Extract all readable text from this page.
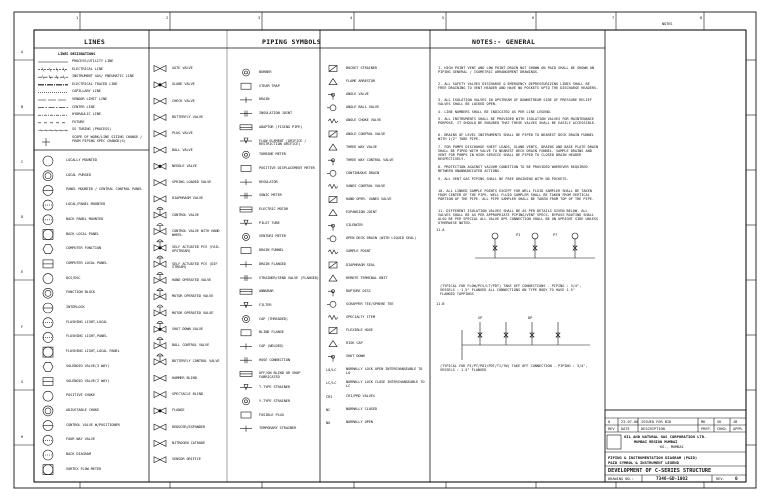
1	2	3	4	5	6	7	8
NOTES
A
B
C
D
E
F
G
H
LINES	PIPING SYMBOLS	NOTES:- GENERAL
LINES DESIGNATIONS
PROCESS/UTILITY LINE
ELECTRICAL LINE
INSTRUMENT GAS/ PNEUMATIC LINE
ELECTRICAL TRACED LINE
CAPILLARY LINE
VENDOR LIMIT LINE
CENTER LINE
HYDRAULIC LINE
FUTURE
SS TUBING (PROCESS)
SCOPE OF WORK/LINE SIZING CHANGE / FROM PIPING SPEC CHANGE(S)
LOCALLY MOUNTED
LOCAL PURGED
PANEL MOUNTED / CENTRAL CONTROL PANEL
LOCAL/PANEL MOUNTED
BACK PANEL MOUNTED
BACK LOCAL PANEL
COMPUTER FUNCTION
COMPUTER LOCAL PANEL
DCS/DSC
FUNCTION BLOCK
INTERLOCK
FLUSHING LIGHT,LOCAL
FLUSHING LIGHT,PANEL
FLUSHING LIGHT,LOCAL PANEL
SOLENOID VALVE(3 WAY)
SOLENOID VALVE(2 WAY)
POSITIVE CHOKE
ADJUSTABLE CHOKE
CONTROL VALVE W/POSITIONER
FOUR WAY VALVE
BACK DIAGRAM
VORTEX FLOW METER
GATE VALVE
GLOBE VALVE
CHECK VALVE
BUTTERFLY VALVE
PLUG VALVE
BALL VALVE
NEEDLE VALVE
SPRING LOADED VALVE
DIAPHRAGM VALVE
CONTROL VALVE
CONTROL VALVE WITH HAND WHEEL
SELF ACTUATED PCV (FAIL UPSTREAM)
SELF ACTUATED PCV (DIF STREAM)
HAND OPERATED VALVE
MOTOR OPERATED VALVE
MOTOR OPERATED VALVE
SHUT DOWN VALVE
BALL CONTROL VALVE
BUTTERFLY CONTROL VALVE
HAMMER BLIND
SPECTACLE BLIND
FLANGE
REDUCER/EXPANDER
NITROGEN CATHODE
SENSOR ORIFICE
BURNER
STEAM TRAP
DRAIN
INSULATION JOINT
ADAPTOR (FIXING PIPE)
FLOW ELEMENT (ORIFICE / RESTRICTION ORIFICE)
TURBINE METER
POSITIVE DISPLACEMENT METER
REGULATOR
SONIC METER
ELECTRIC MOTOR
PILOT TUBE
VENTURI METER
DRAIN FUNNEL
DRAIN FLANGED
STRAINER/SEND VALVE (FLANGED)
ANNUBAR
FILTER
CAP (THREADED)
BLIND FLANGE
CAP (WELDED)
HOSE CONNECTION
OFF/ON BLIND OR SHOP FABRICATED
T-TYPE STRAINER
Y-TYPE STRAINER
FUSIBLE PLUG
TEMPORARY STRAINER
BUCKET STRAINER
FLAME ARRESTOR
ANGLE VALVE
ANGLE BALL VALVE
ANGLE CHOKE VALVE
ANGLE CONTROL VALVE
THREE WAY VALVE
THREE WAY CONTROL VALVE
CONTINUOUS DRAIN
VANES CONTROL VALVE
HAND OPER. VANES VALVE
EXPANSION JOINT
SILENCER
OPEN DECK DRAIN (WITH LIQUID SEAL)
SAMPLE POINT
DIAPHRAGM SEAL
REMOTE TERMINAL UNIT
RUPTURE DISC
SCRAPPER TEE/SPHERE TEE
SPECIALTY ITEM
FLEXIBLE HOSE
RISK CAP
SHUT DOWN
NORMALLY LOCK OPEN INTERCHANGEABLE TO LO
NORMALLY LOCK CLOSE INTERCHANGEABLE TO LC
CRI/PRD VALVES
NORMALLY CLOSED
NORMALLY OPEN
LO/LC
LC/LC
CRI
NC
NO
1. HIGH POINT VENT AND LOW POINT DRAIN NOT SHOWN ON P&ID SHALL BE SHOWN ON PIPING GENERAL / ISOMETRIC ARRANGEMENT DRAWINGS.
2. ALL SAFETY VALVES DISCHARGE & EMERGENCY DEPRESSURIZING LINES SHALL BE FREE DRAINING TO VENT HEADER AND HAVE NO POCKETS UPTO THE DISCHARGE HEADERS.
3. ALL ISOLATION VALVES IN UPSTREAM OF DOWNSTREAM SIDE OF PRESSURE RELIEF VALVES SHALL BE LOCKED OPEN.
4. LINE NUMBERS SHALL BE INDICATED AS PER LINE LEGEND.
5. ALL INSTRUMENTS SHALL BE PROVIDED WITH ISOLATION VALVES FOR MAINTENANCE PURPOSE. IT SHOULD BE ENSURED THAT THESE VALVES SHALL BE EASILY ACCESSIBLE.
6. DRAINS OF LEVEL INSTRUMENTS SHALL BE PIPED TO NEAREST DECK DRAIN FUNNEL WITH 1/2" TUBE PIPE.
7. FOR PUMPS DISCHARGE SHEET LEADS, GLAND VENTS, DRAINS AND BASE PLATE DRAIN SHALL BE PIPED WITH VALVE TO NEAREST DECK DRAIN FUNNEL. SAMPLE DRAINS AND VENT FOR PUMPS IN HIGH SERVICE SHALL BE PIPED TO CLOSED DRAIN HEADER RESPECTIVELY.
8. PROTECTION AGAINST VACUUM CONDITION TO BE PROVIDED WHEREVER REQUIRED BETWEEN UNANNUNCIATED ACTIONS.
9. ALL VENT GAS PIPING SHALL BE FREE DRAINING WITH NO POCKETS.
10. ALL LINKED SAMPLE POINTS EXCEPT FOR WELL FLUID SAMPLER SHALL BE TAKEN FROM CENTER OF THE PIPE. WELL FLUID SAMPLER SHALL BE TAKEN FROM VERTICAL PORTION OF THE PIPE. ALL PIPE SAMPLER SHALL BE TAKEN FROM TOP OF THE PIPE.
11. DIFFERENT ISOLATION VALVES SHALL BE AS PER DETAILS GIVEN BELOW. ALL VALVES SHALL BE AS PER APPROPRIATE PIPING/VENT SPECS. BYPASS ROUTING SHALL ALSO BE PER SPECIAL ALL VALVE DPS CONNECTION SHALL BE ON UPRIGHT SIDE UNLESS OTHERWISE NOTED.
11.A
(TYPICAL FOR FLOW/PCV/LT/PDT) TAKE OFF CONNECTIONS - PIPING : 3/4", VESSELS : 1.5" FLANGED ALL CONNECTIONS ON TYPE BODY TO HAVE 1.5" FLANGED TAPPINGS
11.B
(TYPICAL FOR PI/PT/PDI/PDT/TI/TW) TAKE OFF CONNECTION - PIPING : 3/4", VESSELS : 1.5" FLANGED
PI	PT
SP	DP
0	23.07.08 ISSUED FOR BID	MK	SK	JB
REV DATE	DESCRIPTION	PREP. CHKD. APPR.
OIL AND NATURAL GAS CORPORATION LTD.
MUMBAI REGION MUMBAI
KG., MUMBAI
PIPING & INSTRUMENTATION DIAGRAM (P&ID)
P&ID SYMBOL & INSTRUMENT LEGEND
DEVELOPMENT OF C-SERIES STRUCTURE
DRAWING NO.:	7346-GD-1002	REV. 0
